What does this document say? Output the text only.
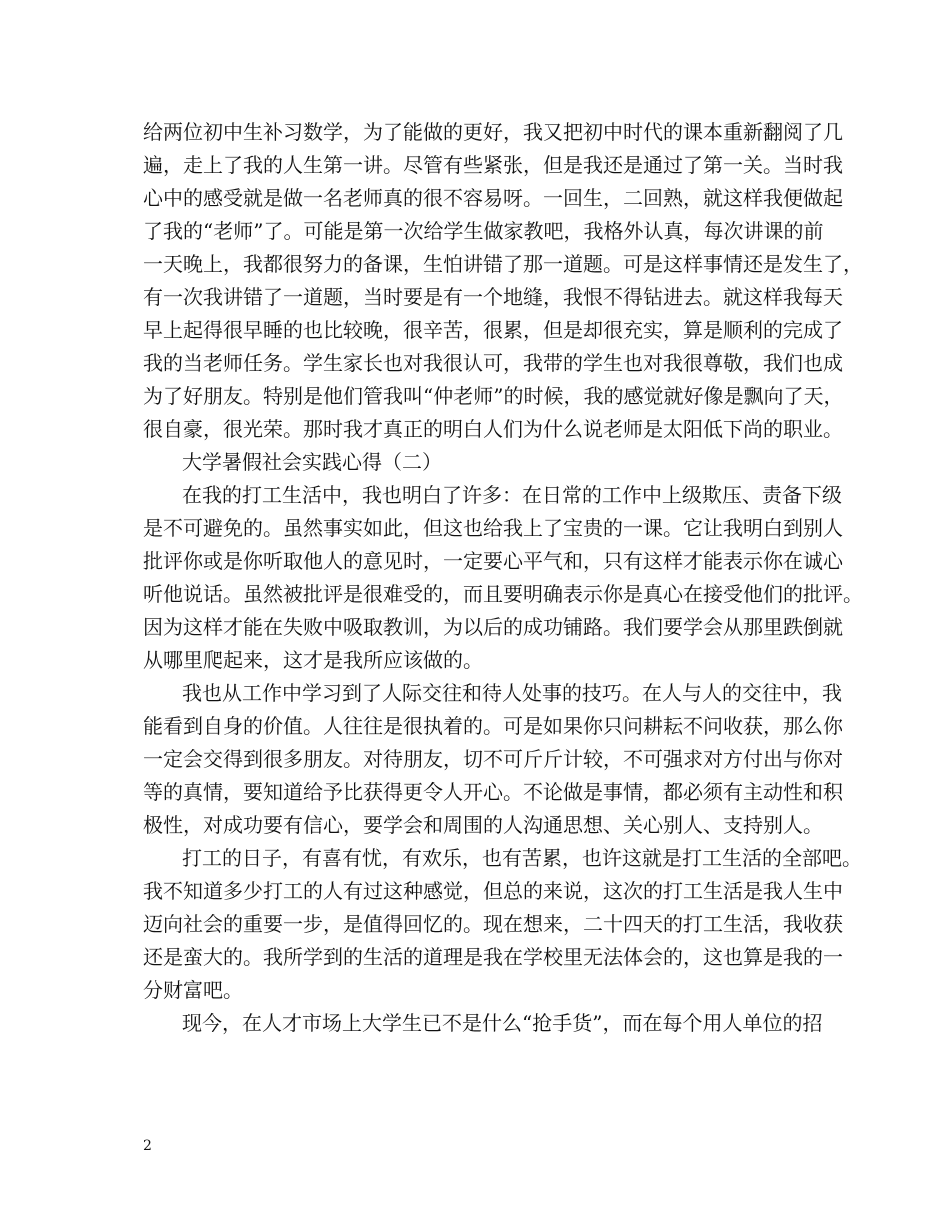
给两位初中生补习数学，为了能做的更好，我又把初中时代的课本重新翻阅了几
遍，走上了我的人生第一讲。尽管有些紧张，但是我还是通过了第一关。当时我
心中的感受就是做一名老师真的很不容易呀。一回生，二回熟，就这样我便做起
了我的“老师”了。可能是第一次给学生做家教吧，我格外认真，每次讲课的前
一天晚上，我都很努力的备课，生怕讲错了那一道题。可是这样事情还是发生了，
有一次我讲错了一道题，当时要是有一个地缝，我恨不得钻进去。就这样我每天
早上起得很早睡的也比较晚，很辛苦，很累，但是却很充实，算是顺利的完成了
我的当老师任务。学生家长也对我很认可，我带的学生也对我很尊敬，我们也成
为了好朋友。特别是他们管我叫“仲老师”的时候，我的感觉就好像是飘向了天，
很自豪，很光荣。那时我才真正的明白人们为什么说老师是太阳低下尚的职业。
大学暑假社会实践心得（二）
在我的打工生活中，我也明白了许多：在日常的工作中上级欺压、责备下级
是不可避免的。虽然事实如此，但这也给我上了宝贵的一课。它让我明白到别人
批评你或是你听取他人的意见时，一定要心平气和，只有这样才能表示你在诚心
听他说话。虽然被批评是很难受的，而且要明确表示你是真心在接受他们的批评。
因为这样才能在失败中吸取教训，为以后的成功铺路。我们要学会从那里跌倒就
从哪里爬起来，这才是我所应该做的。
我也从工作中学习到了人际交往和待人处事的技巧。在人与人的交往中，我
能看到自身的价值。人往往是很执着的。可是如果你只问耕耘不问收获，那么你
一定会交得到很多朋友。对待朋友，切不可斤斤计较，不可强求对方付出与你对
等的真情，要知道给予比获得更令人开心。不论做是事情，都必须有主动性和积
极性，对成功要有信心，要学会和周围的人沟通思想、关心别人、支持别人。
打工的日子，有喜有忧，有欢乐，也有苦累，也许这就是打工生活的全部吧。
我不知道多少打工的人有过这种感觉，但总的来说，这次的打工生活是我人生中
迈向社会的重要一步，是值得回忆的。现在想来，二十四天的打工生活，我收获
还是蛮大的。我所学到的生活的道理是我在学校里无法体会的，这也算是我的一
分财富吧。
现今，在人才市场上大学生已不是什么“抢手货”，而在每个用人单位的招
2
